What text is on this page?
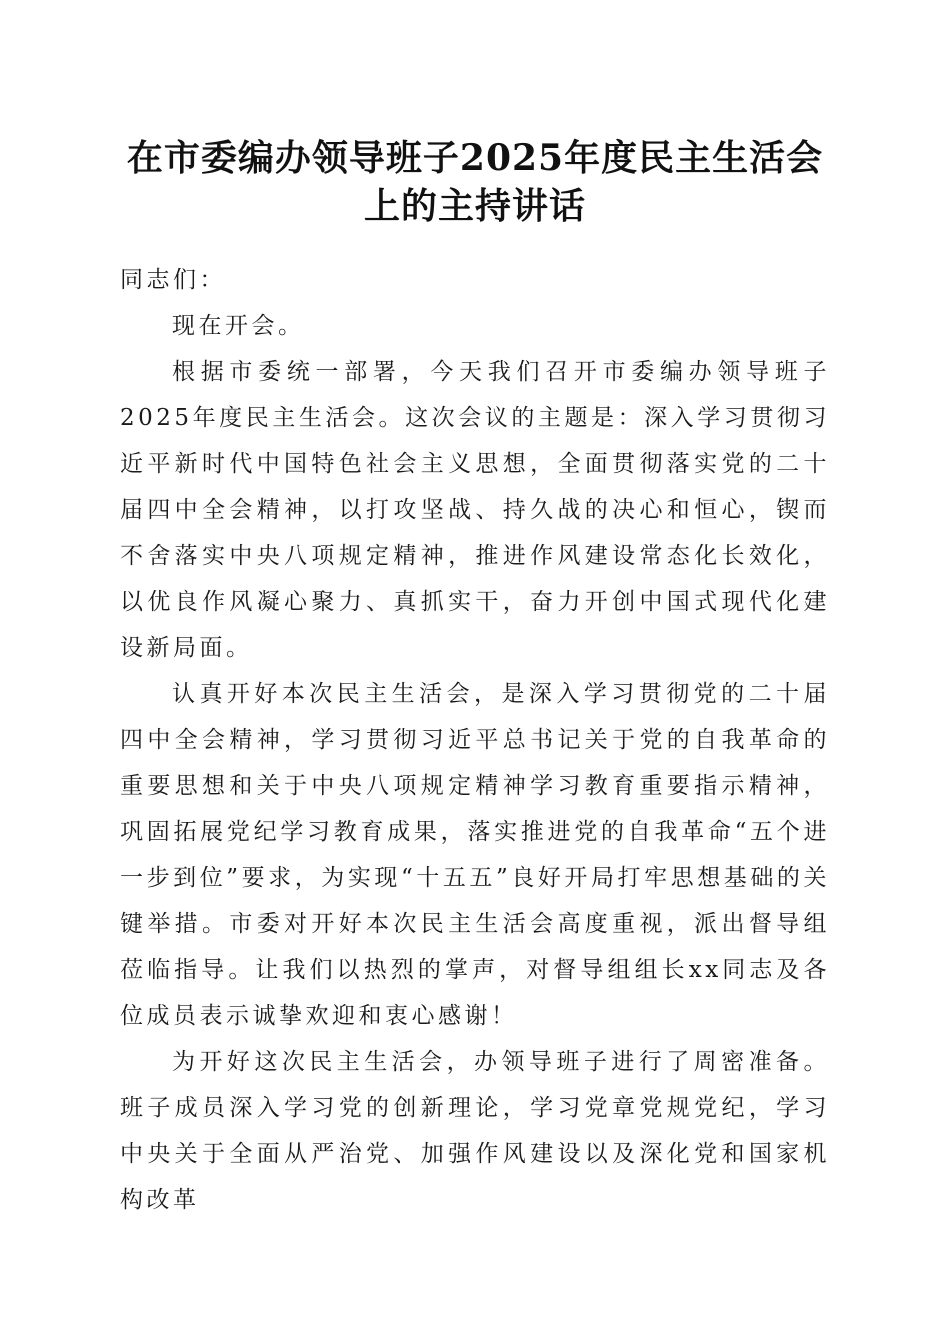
在市委编办领导班子2025年度民主生活会上的主持讲话

同志们：

现在开会。

根据市委统一部署，今天我们召开市委编办领导班子2025年度民主生活会。这次会议的主题是：深入学习贯彻习近平新时代中国特色社会主义思想，全面贯彻落实党的二十届四中全会精神，以打攻坚战、持久战的决心和恒心，锲而不舍落实中央八项规定精神，推进作风建设常态化长效化，以优良作风凝心聚力、真抓实干，奋力开创中国式现代化建设新局面。

认真开好本次民主生活会，是深入学习贯彻党的二十届四中全会精神，学习贯彻习近平总书记关于党的自我革命的重要思想和关于中央八项规定精神学习教育重要指示精神，巩固拓展党纪学习教育成果，落实推进党的自我革命“五个进一步到位”要求，为实现“十五五”良好开局打牢思想基础的关键举措。市委对开好本次民主生活会高度重视，派出督导组莅临指导。让我们以热烈的掌声，对督导组组长xx同志及各位成员表示诚挚欢迎和衷心感谢！

为开好这次民主生活会，办领导班子进行了周密准备。班子成员深入学习党的创新理论，学习党章党规党纪，学习中央关于全面从严治党、加强作风建设以及深化党和国家机构改革
